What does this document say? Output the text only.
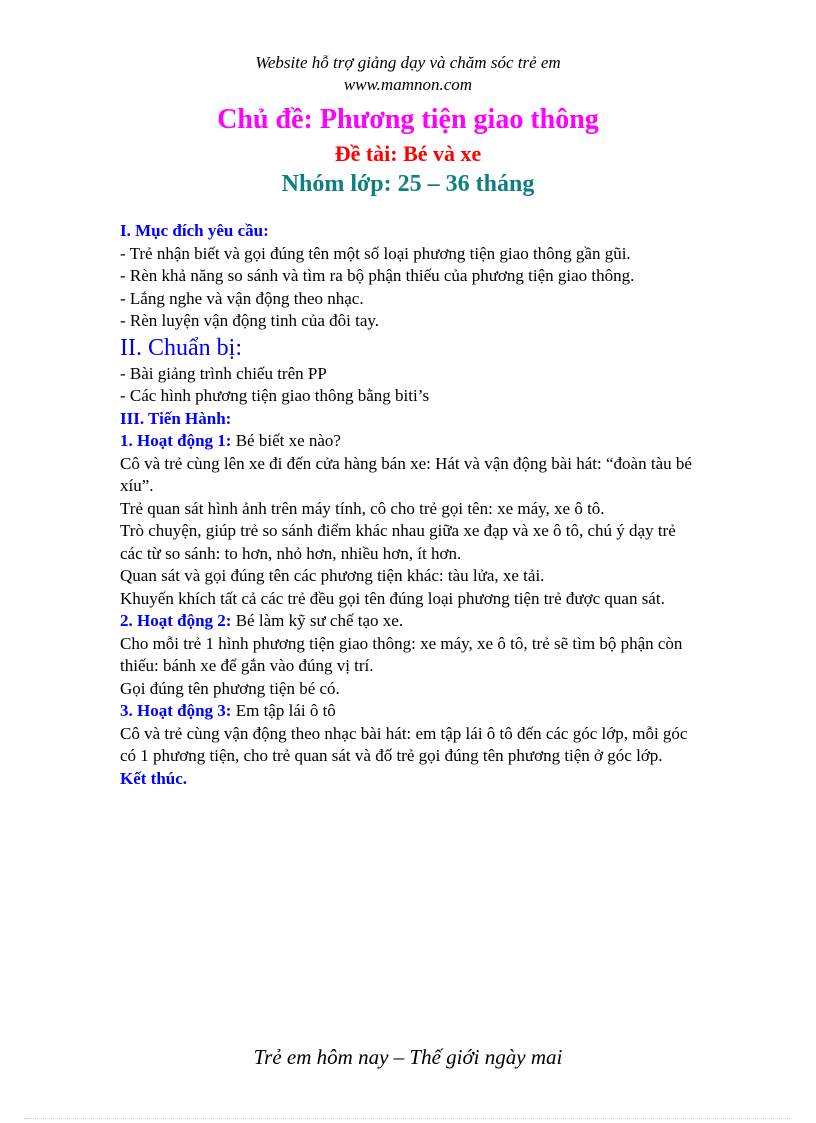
Website hỗ trợ giảng dạy và chăm sóc trẻ em
www.mamnon.com
Chủ đề: Phương tiện giao thông
Đề tài: Bé và xe
Nhóm lớp: 25 – 36 tháng

I. Mục đích yêu cầu:

- Trẻ nhận biết và gọi đúng tên một số loại phương tiện giao thông gần gũi.

- Rèn khả năng so sánh và tìm ra bộ phận thiếu của phương tiện giao thông.

- Lắng nghe và vận động theo nhạc.

- Rèn luyện vận động tinh của đôi tay.

II. Chuẩn bị:

- Bài giảng trình chiếu trên PP

- Các hình phương tiện giao thông bằng biti’s

III. Tiến Hành:

1. Hoạt động 1: Bé biết xe nào?

Cô và trẻ cùng lên xe đi đến cửa hàng bán xe: Hát và vận động bài hát: “đoàn tàu bé xíu”.

Trẻ quan sát hình ảnh trên máy tính, cô cho trẻ gọi tên: xe máy, xe ô tô.

Trò chuyện, giúp trẻ so sánh điểm khác nhau giữa xe đạp và xe ô tô, chú ý dạy trẻ các từ so sánh: to hơn, nhỏ hơn, nhiều hơn, ít hơn.

Quan sát và gọi đúng tên các phương tiện khác: tàu lửa, xe tải.

Khuyến khích tất cả các trẻ đều gọi tên đúng loại phương tiện trẻ được quan sát.

2. Hoạt động 2: Bé làm kỹ sư chế tạo xe.

Cho mỗi trẻ 1 hình phương tiện giao thông: xe máy, xe ô tô, trẻ sẽ tìm bộ phận còn thiếu: bánh xe để gắn vào đúng vị trí.

Gọi đúng tên phương tiện bé có.

3. Hoạt động 3: Em tập lái ô tô

Cô và trẻ cùng vận động theo nhạc bài hát: em tập lái ô tô đến các góc lớp, mỗi góc có 1 phương tiện, cho trẻ quan sát và đố trẻ gọi đúng tên phương tiện ở góc lớp.

Kết thúc.

Trẻ em hôm nay – Thế giới ngày mai
